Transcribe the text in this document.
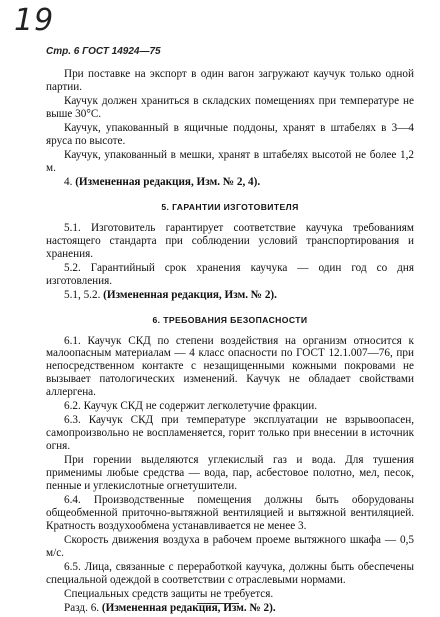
19
Стр. 6 ГОСТ 14924—75

При поставке на экспорт в один вагон загружают каучук только одной партии.

Каучук должен храниться в складских помещениях при температуре не выше 30°С.

Каучук, упакованный в ящичные поддоны, хранят в штабелях в 3—4 яруса по высоте.

Каучук, упакованный в мешки, хранят в штабелях высотой не более 1,2 м.

4. (Измененная редакция, Изм. № 2, 4).

5. ГАРАНТИИ ИЗГОТОВИТЕЛЯ

5.1. Изготовитель гарантирует соответствие каучука требованиям настоящего стандарта при соблюдении условий транспортирования и хранения.

5.2. Гарантийный срок хранения каучука — один год со дня изготовления.

5.1, 5.2. (Измененная редакция, Изм. № 2).

6. ТРЕБОВАНИЯ БЕЗОПАСНОСТИ

6.1. Каучук СКД по степени воздействия на организм относится к малоопасным материалам — 4 класс опасности по ГОСТ 12.1.007—76, при непосредственном контакте с незащищенными кожными покровами не вызывает патологических изменений. Каучук не обладает свойствами аллергена.

6.2. Каучук СКД не содержит легколетучие фракции.

6.3. Каучук СКД при температуре эксплуатации не взрывоопасен, самопроизвольно не воспламеняется, горит только при внесении в источник огня.

При горении выделяются углекислый газ и вода. Для тушения применимы любые средства — вода, пар, асбестовое полотно, мел, песок, пенные и углекислотные огнетушители.

6.4. Производственные помещения должны быть оборудованы общеобменной приточно-вытяжной вентиляцией и вытяжной вентиляцией. Кратность воздухообмена устанавливается не менее 3.

Скорость движения воздуха в рабочем проеме вытяжного шкафа — 0,5 м/с.

6.5. Лица, связанные с переработкой каучука, должны быть обеспечены специальной одеждой в соответствии с отраслевыми нормами.

Специальных средств защиты не требуется.

Разд. 6. (Измененная редакция, Изм. № 2).
